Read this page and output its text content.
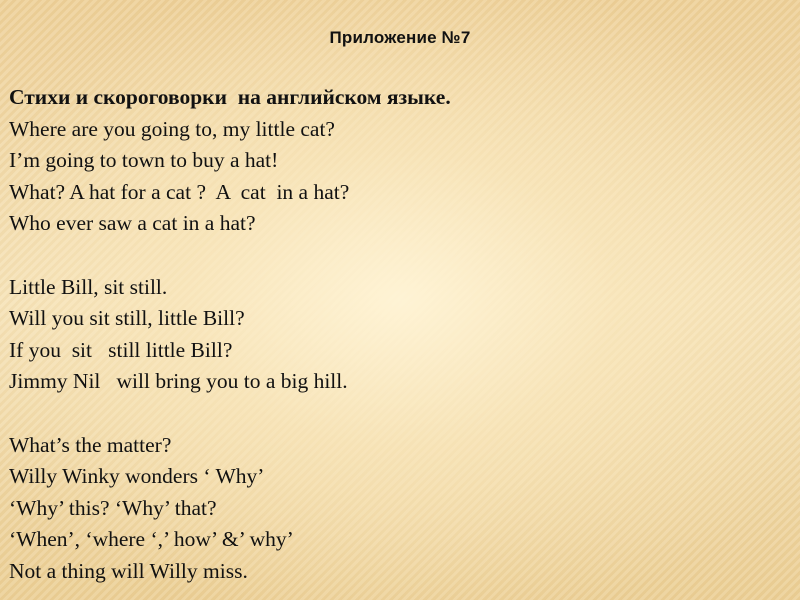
Приложение №7
Стихи и скороговорки  на английском языке.
Where are you going to, my little cat?
I’m going to town to buy a hat!
What? A hat for a cat ?  A  cat  in a hat?
Who ever saw a cat in a hat?
Little Bill, sit still.
Will you sit still, little Bill?
If you  sit   still little Bill?
Jimmy Nil   will bring you to a big hill.
What’s the matter?
Willy Winky wonders ‘ Why’
‘Why’ this? ‘Why’ that?
‘When’, ‘where ‘,’ how’ &’ why’
Not a thing will Willy miss.
